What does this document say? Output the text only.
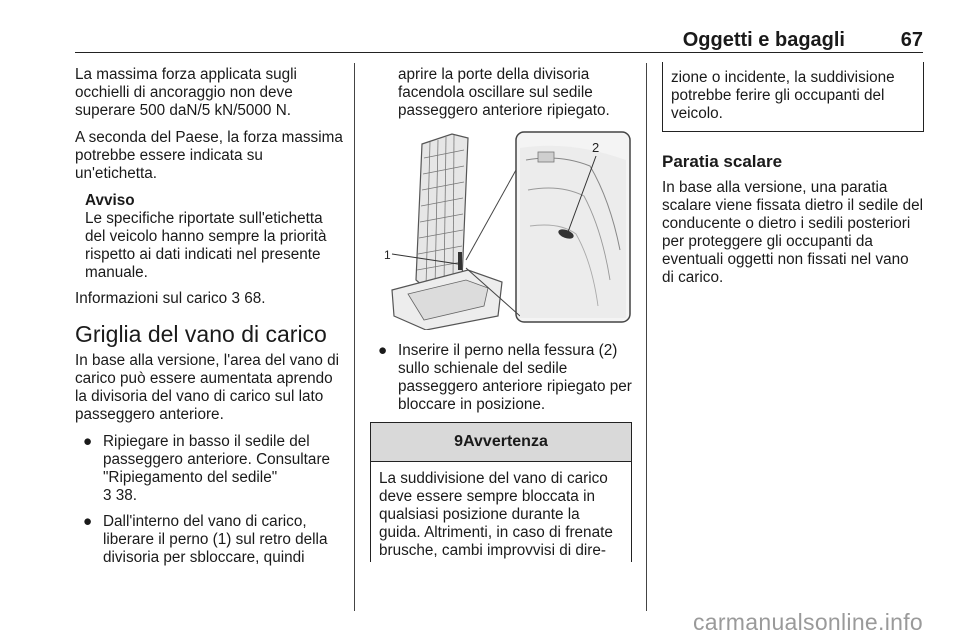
Oggetti e bagagli	67

La massima forza applicata sugli occhielli di ancoraggio non deve superare 500 daN/5 kN/5000 N.

A seconda del Paese, la forza massima potrebbe essere indicata su un'etichetta.

Avviso

Le specifiche riportate sull'etichetta del veicolo hanno sempre la priorità rispetto ai dati indicati nel presente manuale.

Informazioni sul carico 3 68.

Griglia del vano di carico

In base alla versione, l'area del vano di carico può essere aumentata aprendo la divisoria del vano di carico sul lato passeggero anteriore.

● Ripiegare in basso il sedile del passeggero anteriore. Consultare "Ripiegamento del sedile"
3 38.
● Dall'interno del vano di carico, liberare il perno (1) sul retro della divisoria per sbloccare, quindi

aprire la porte della divisoria facendola oscillare sul sedile passeggero anteriore ripiegato.

1
2
● Inserire il perno nella fessura (2) sullo schienale del sedile passeggero anteriore ripiegato per bloccare in posizione.
9Avvertenza

La suddivisione del vano di carico deve essere sempre bloccata in qualsiasi posizione durante la guida. Altrimenti, in caso di frenate brusche, cambi improvvisi di dire-

zione o incidente, la suddivisione potrebbe ferire gli occupanti del veicolo.

Paratia scalare

In base alla versione, una paratia scalare viene fissata dietro il sedile del conducente o dietro i sedili posteriori per proteggere gli occupanti da eventuali oggetti non fissati nel vano di carico.

carmanualsonline.info
